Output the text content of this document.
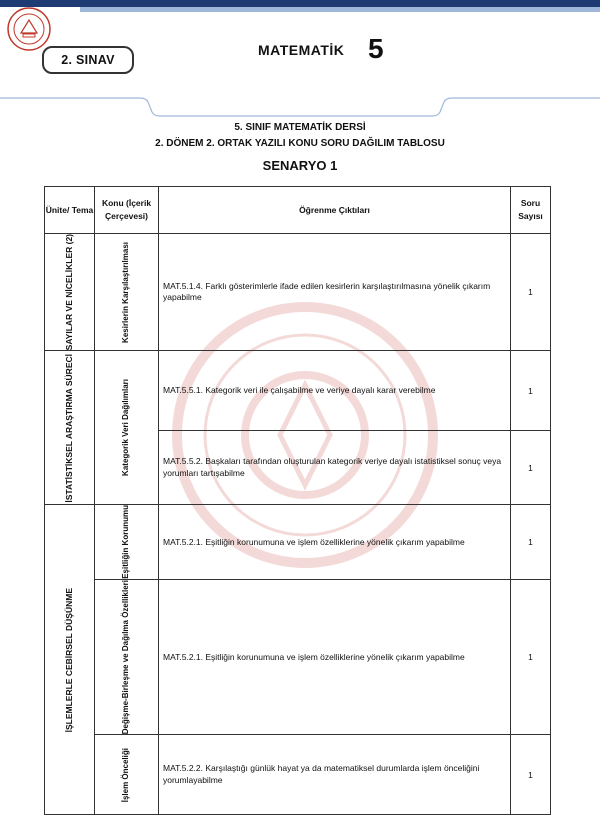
2. SINAV
MATEMATİK 5
5. SINIF MATEMATİK DERSİ
2. DÖNEM 2. ORTAK YAZILI KONU SORU DAĞILIM TABLOSU
SENARYO 1
Ünite/ Tema	Konu (İçerik Çerçevesi)	Öğrenme Çıktıları	Soru Sayısı

SAYILAR VE NİCELİKLER (2)	Kesirlerin Karşılaştırılması	MAT.5.1.4. Farklı gösterimlerle ifade edilen kesirlerin karşılaştırılmasına yönelik çıkarım yapabilme	1

İSTATİSTİKSEL ARAŞTIRMA SÜRECİ	Kategorik Veri Dağılımları	MAT.5.5.1. Kategorik veri ile çalışabilme ve veriye dayalı karar verebilme	1
		MAT.5.5.2. Başkaları tarafından oluşturulan kategorik veriye dayalı istatistiksel sonuç veya yorumları tartışabilme	1

İŞLEMLERLE CEBİRSEL DÜŞÜNME	Eşitliğin Korunumu	MAT.5.2.1. Eşitliğin korunumuna ve işlem özelliklerine yönelik çıkarım yapabilme	1

	Değişme-Birleşme ve Dağılma Özellikleri	MAT.5.2.1. Eşitliğin korunumuna ve işlem özelliklerine yönelik çıkarım yapabilme	1

	İşlem Önceliği	MAT.5.2.2. Karşılaştığı günlük hayat ya da matematiksel durumlarda işlem önceliğini yorumlayabilme	1
